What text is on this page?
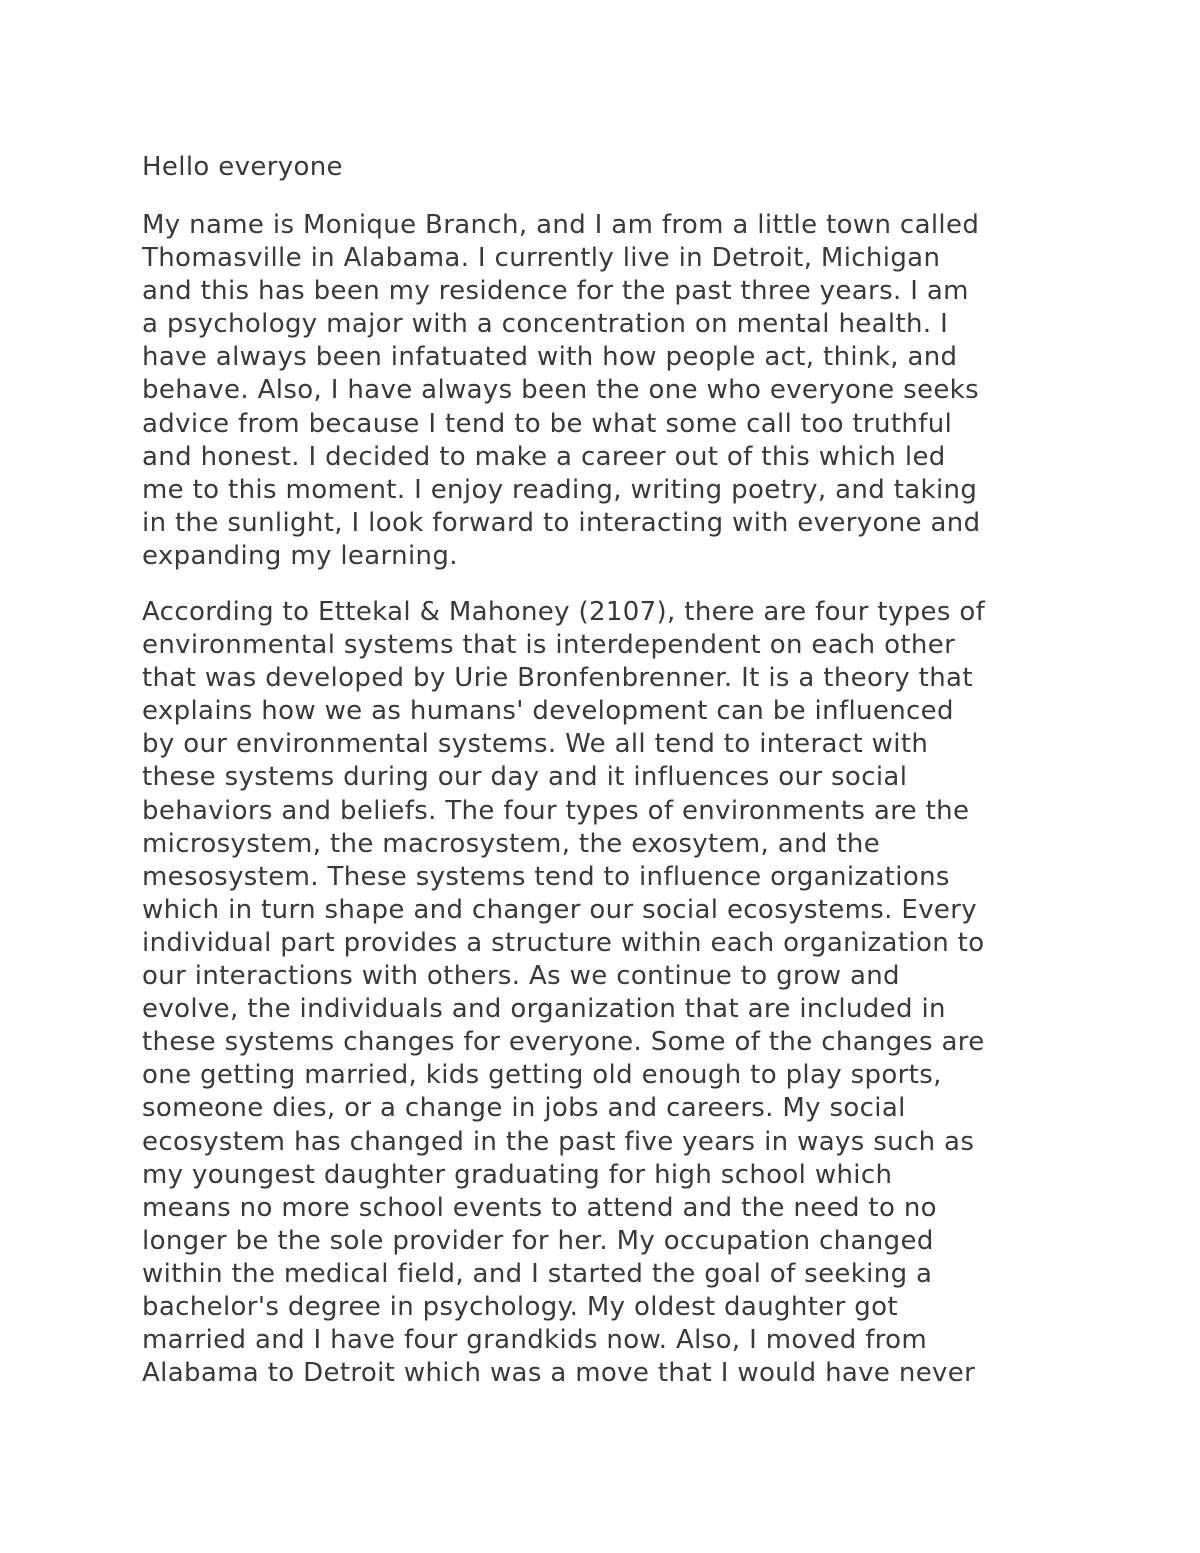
Hello everyone
My name is Monique Branch, and I am from a little town called
Thomasville in Alabama. I currently live in Detroit, Michigan
and this has been my residence for the past three years. I am
a psychology major with a concentration on mental health. I
have always been infatuated with how people act, think, and
behave. Also, I have always been the one who everyone seeks
advice from because I tend to be what some call too truthful
and honest. I decided to make a career out of this which led
me to this moment. I enjoy reading, writing poetry, and taking
in the sunlight, I look forward to interacting with everyone and
expanding my learning.
According to Ettekal & Mahoney (2107), there are four types of
environmental systems that is interdependent on each other
that was developed by Urie Bronfenbrenner. It is a theory that
explains how we as humans' development can be influenced
by our environmental systems. We all tend to interact with
these systems during our day and it influences our social
behaviors and beliefs. The four types of environments are the
microsystem, the macrosystem, the exosytem, and the
mesosystem. These systems tend to influence organizations
which in turn shape and changer our social ecosystems. Every
individual part provides a structure within each organization to
our interactions with others. As we continue to grow and
evolve, the individuals and organization that are included in
these systems changes for everyone. Some of the changes are
one getting married, kids getting old enough to play sports,
someone dies, or a change in jobs and careers. My social
ecosystem has changed in the past five years in ways such as
my youngest daughter graduating for high school which
means no more school events to attend and the need to no
longer be the sole provider for her. My occupation changed
within the medical field, and I started the goal of seeking a
bachelor's degree in psychology. My oldest daughter got
married and I have four grandkids now. Also, I moved from
Alabama to Detroit which was a move that I would have never
